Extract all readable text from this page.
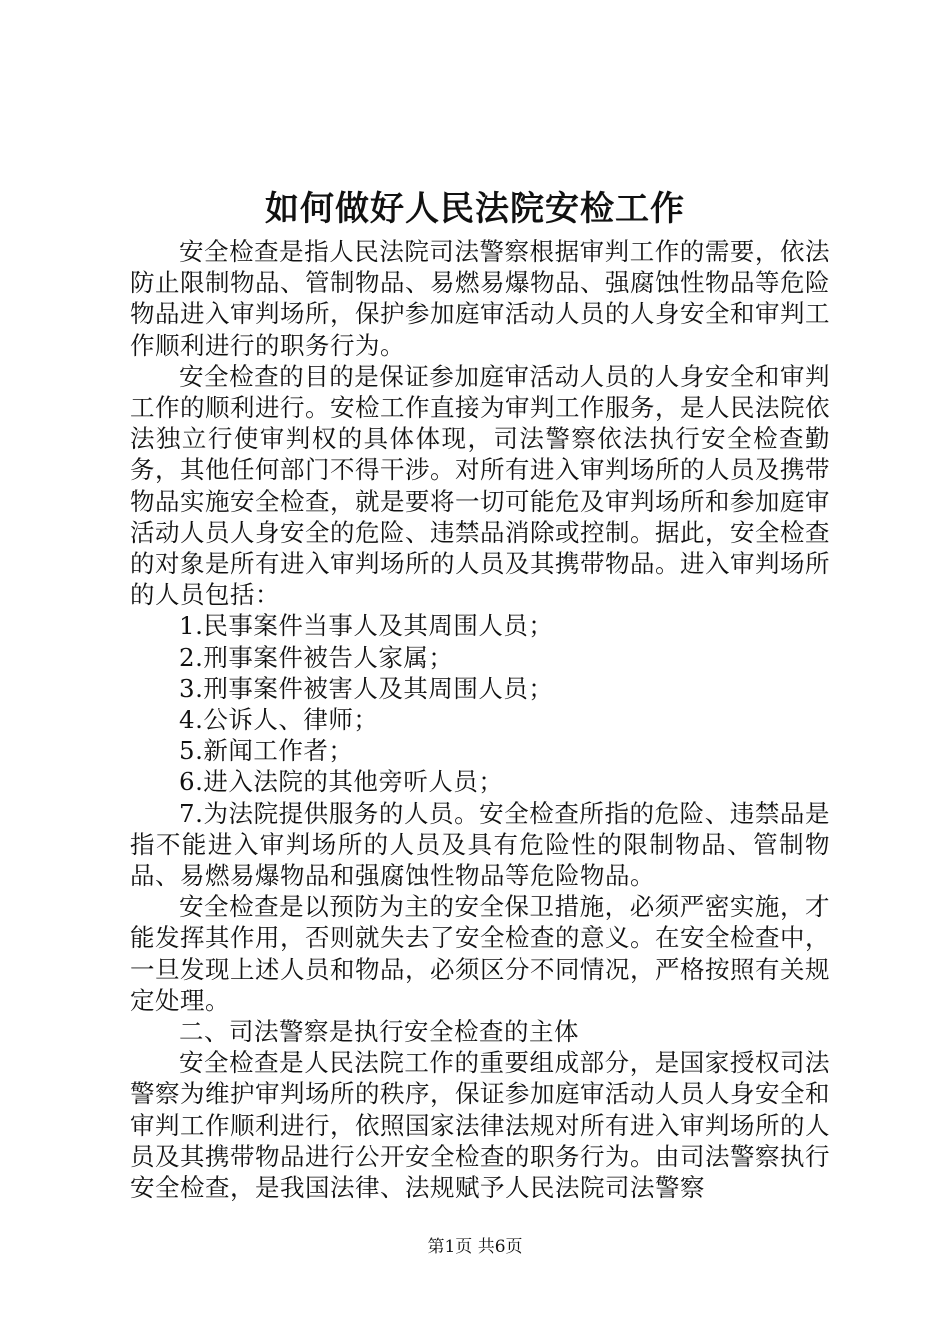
如何做好人民法院安检工作

安全检查是指人民法院司法警察根据审判工作的需要，依法防止限制物品、管制物品、易燃易爆物品、强腐蚀性物品等危险物品进入审判场所，保护参加庭审活动人员的人身安全和审判工作顺利进行的职务行为。

安全检查的目的是保证参加庭审活动人员的人身安全和审判工作的顺利进行。安检工作直接为审判工作服务，是人民法院依法独立行使审判权的具体体现，司法警察依法执行安全检查勤务，其他任何部门不得干涉。对所有进入审判场所的人员及携带物品实施安全检查，就是要将一切可能危及审判场所和参加庭审活动人员人身安全的危险、违禁品消除或控制。据此，安全检查的对象是所有进入审判场所的人员及其携带物品。进入审判场所的人员包括：

1.民事案件当事人及其周围人员；

2.刑事案件被告人家属；

3.刑事案件被害人及其周围人员；

4.公诉人、律师；

5.新闻工作者；

6.进入法院的其他旁听人员；

7.为法院提供服务的人员。安全检查所指的危险、违禁品是指不能进入审判场所的人员及具有危险性的限制物品、管制物品、易燃易爆物品和强腐蚀性物品等危险物品。

安全检查是以预防为主的安全保卫措施，必须严密实施，才能发挥其作用，否则就失去了安全检查的意义。在安全检查中，一旦发现上述人员和物品，必须区分不同情况，严格按照有关规定处理。

二、司法警察是执行安全检查的主体

安全检查是人民法院工作的重要组成部分，是国家授权司法警察为维护审判场所的秩序，保证参加庭审活动人员人身安全和审判工作顺利进行，依照国家法律法规对所有进入审判场所的人员及其携带物品进行公开安全检查的职务行为。由司法警察执行安全检查，是我国法律、法规赋予人民法院司法警察

第1页 共6页
